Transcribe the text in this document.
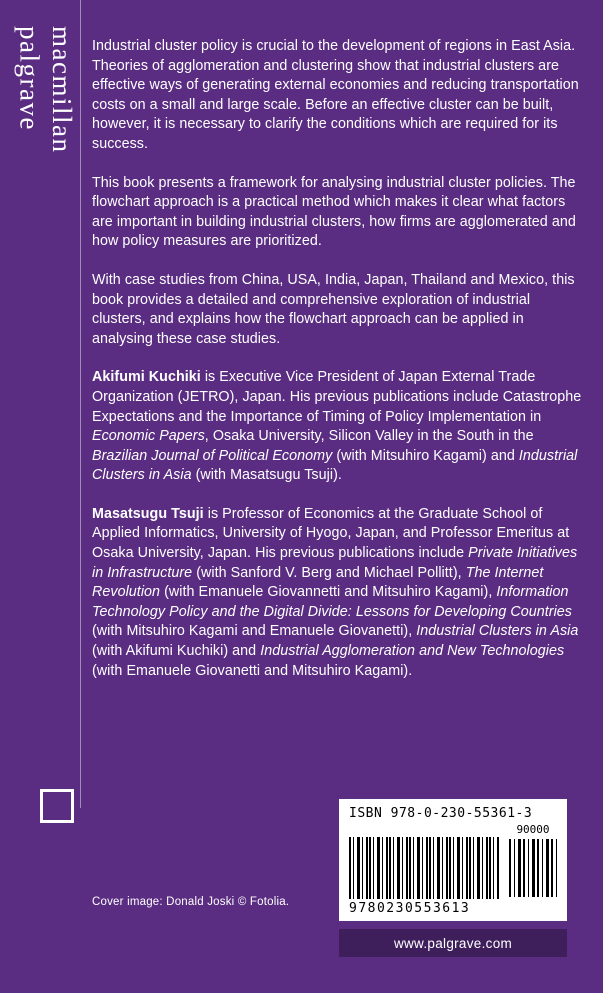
palgrave macmillan Industrial cluster policy is crucial to the development of regions in East Asia. Theories of agglomeration and clustering show that industrial clusters are effective ways of generating external economies and reducing transportation costs on a small and large scale. Before an effective cluster can be built, however, it is necessary to clarify the conditions which are required for its success.

This book presents a framework for analysing industrial cluster policies. The flowchart approach is a practical method which makes it clear what factors are important in building industrial clusters, how firms are agglomerated and how policy measures are prioritized.

With case studies from China, USA, India, Japan, Thailand and Mexico, this book provides a detailed and comprehensive exploration of industrial clusters, and explains how the flowchart approach can be applied in analysing these case studies.

Akifumi Kuchiki is Executive Vice President of Japan External Trade Organization (JETRO), Japan. His previous publications include Catastrophe Expectations and the Importance of Timing of Policy Implementation in Economic Papers, Osaka University, Silicon Valley in the South in the Brazilian Journal of Political Economy (with Mitsuhiro Kagami) and Industrial Clusters in Asia (with Masatsugu Tsuji).

Masatsugu Tsuji is Professor of Economics at the Graduate School of Applied Informatics, University of Hyogo, Japan, and Professor Emeritus at Osaka University, Japan. His previous publications include Private Initiatives in Infrastructure (with Sanford V. Berg and Michael Pollitt), The Internet Revolution (with Emanuele Giovannetti and Mitsuhiro Kagami), Information Technology Policy and the Digital Divide: Lessons for Developing Countries (with Mitsuhiro Kagami and Emanuele Giovanetti), Industrial Clusters in Asia (with Akifumi Kuchiki) and Industrial Agglomeration and New Technologies (with Emanuele Giovanetti and Mitsuhiro Kagami).

ISBN 978-0-230-55361-3
9780230553613
90000
Cover image: Donald Joski © Fotolia.
www.palgrave.com
